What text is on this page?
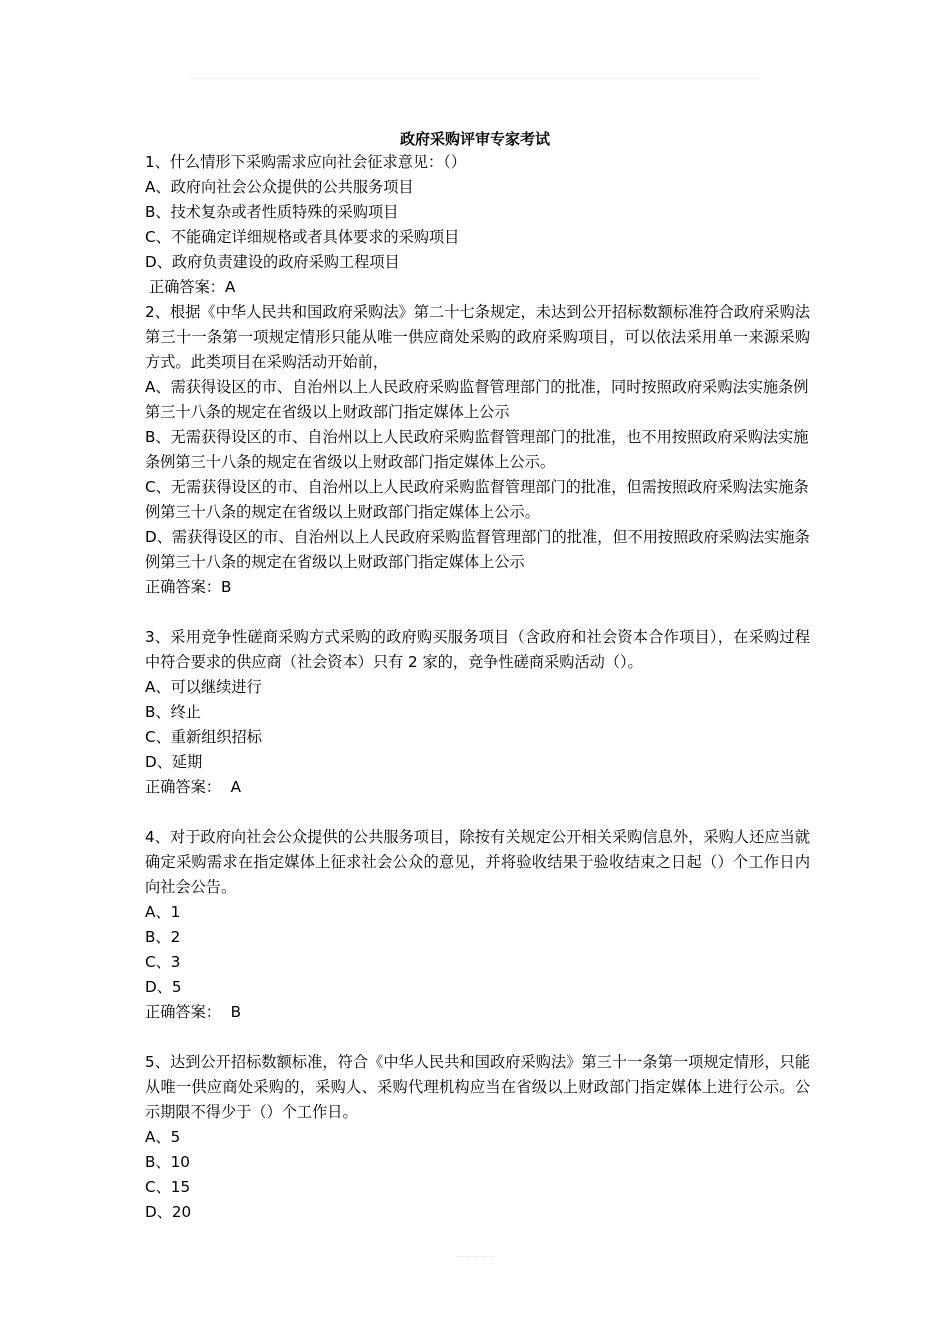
政府采购评审专家考试
1、什么情形下采购需求应向社会征求意见：（）
A、政府向社会公众提供的公共服务项目
B、技术复杂或者性质特殊的采购项目
C、不能确定详细规格或者具体要求的采购项目
D、政府负责建设的政府采购工程项目
正确答案：A
2、根据《中华人民共和国政府采购法》第二十七条规定，未达到公开招标数额标准符合政府采购法第三十一条第一项规定情形只能从唯一供应商处采购的政府采购项目，可以依法采用单一来源采购方式。此类项目在采购活动开始前，
A、需获得设区的市、自治州以上人民政府采购监督管理部门的批准，同时按照政府采购法实施条例第三十八条的规定在省级以上财政部门指定媒体上公示
B、无需获得设区的市、自治州以上人民政府采购监督管理部门的批准，也不用按照政府采购法实施条例第三十八条的规定在省级以上财政部门指定媒体上公示。
C、无需获得设区的市、自治州以上人民政府采购监督管理部门的批准，但需按照政府采购法实施条例第三十八条的规定在省级以上财政部门指定媒体上公示。
D、需获得设区的市、自治州以上人民政府采购监督管理部门的批准，但不用按照政府采购法实施条例第三十八条的规定在省级以上财政部门指定媒体上公示
正确答案：B
3、采用竞争性磋商采购方式采购的政府购买服务项目（含政府和社会资本合作项目），在采购过程中符合要求的供应商（社会资本）只有 2 家的，竞争性磋商采购活动（）。
A、可以继续进行
B、终止
C、重新组织招标
D、延期
正确答案：  A
4、对于政府向社会公众提供的公共服务项目，除按有关规定公开相关采购信息外，采购人还应当就确定采购需求在指定媒体上征求社会公众的意见，并将验收结果于验收结束之日起（）个工作日内向社会公告。
A、1
B、2
C、3
D、5
正确答案：  B
5、达到公开招标数额标准，符合《中华人民共和国政府采购法》第三十一条第一项规定情形，只能从唯一供应商处采购的，采购人、采购代理机构应当在省级以上财政部门指定媒体上进行公示。公示期限不得少于（）个工作日。
A、5
B、10
C、15
D、20
